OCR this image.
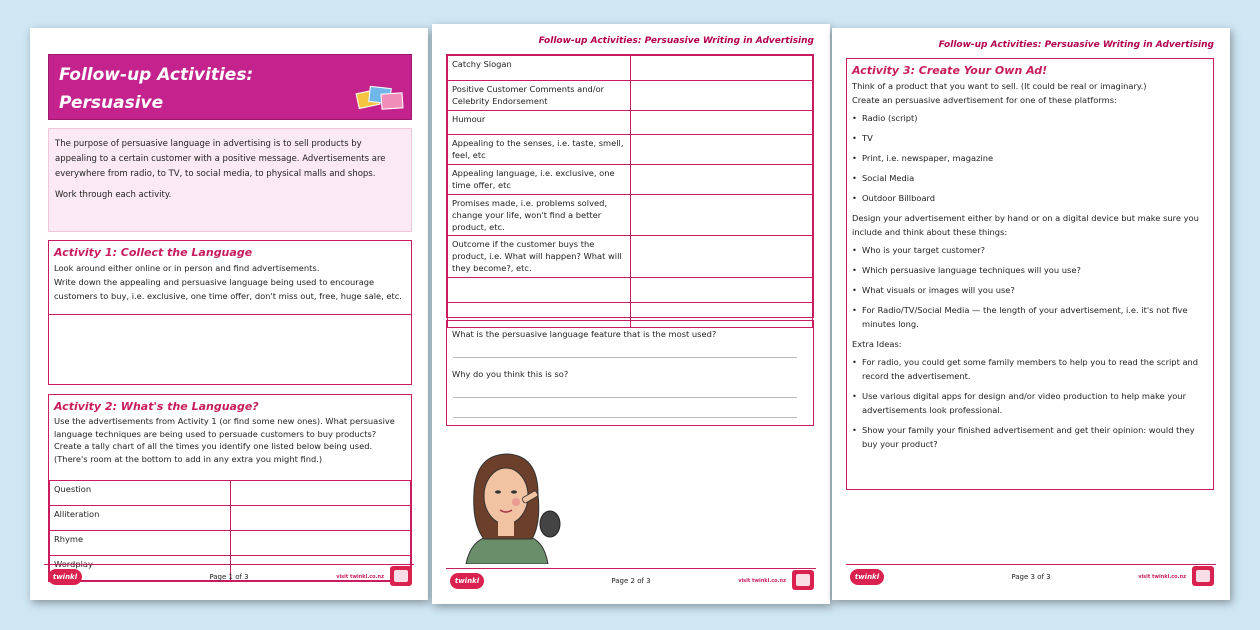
Follow-up Activities: Persuasive

The purpose of persuasive language in advertising is to sell products by appealing to a certain customer with a positive message. Advertisements are everywhere from radio, to TV, to social media, to physical malls and shops.

Work through each activity.

Activity 1: Collect the Language
Look around either online or in person and find advertisements.
Write down the appealing and persuasive language being used to encourage customers to buy, i.e. exclusive, one time offer, don't miss out, free, huge sale, etc.
Activity 2: What's the Language?
Use the advertisements from Activity 1 (or find some new ones). What persuasive language techniques are being used to persuade customers to buy products? Create a tally chart of all the times you identify one listed below being used. (There's room at the bottom to add in any extra you might find.)
Question	
Alliteration	
Rhyme	
Wordplay	
twinkl	Page 1 of 3	visit twinkl.co.nz
Follow-up Activities: Persuasive Writing in Advertising
Catchy Slogan	
Positive Customer Comments and/or Celebrity Endorsement	
Humour	
Appealing to the senses, i.e. taste, smell, feel, etc	
Appealing language, i.e. exclusive, one time offer, etc	
Promises made, i.e. problems solved, change your life, won't find a better product, etc.	
Outcome if the customer buys the product, i.e. What will happen? What will they become?, etc.	

What is the persuasive language feature that is the most used?
Why do you think this is so?
twinkl	Page 2 of 3	visit twinkl.co.nz
Follow-up Activities: Persuasive Writing in Advertising
Activity 3: Create Your Own Ad!
Think of a product that you want to sell. (It could be real or imaginary.)
Create an persuasive advertisement for one of these platforms:
• Radio (script)
• TV
• Print, i.e. newspaper, magazine
• Social Media
• Outdoor Billboard
Design your advertisement either by hand or on a digital device but make sure you include and think about these things:
• Who is your target customer?
• Which persuasive language techniques will you use?
• What visuals or images will you use?
• For Radio/TV/Social Media — the length of your advertisement, i.e. it's not five minutes long.
Extra Ideas:
• For radio, you could get some family members to help you to read the script and record the advertisement.
• Use various digital apps for design and/or video production to help make your advertisements look professional.
• Show your family your finished advertisement and get their opinion: would they buy your product?
twinkl	Page 3 of 3	visit twinkl.co.nz
